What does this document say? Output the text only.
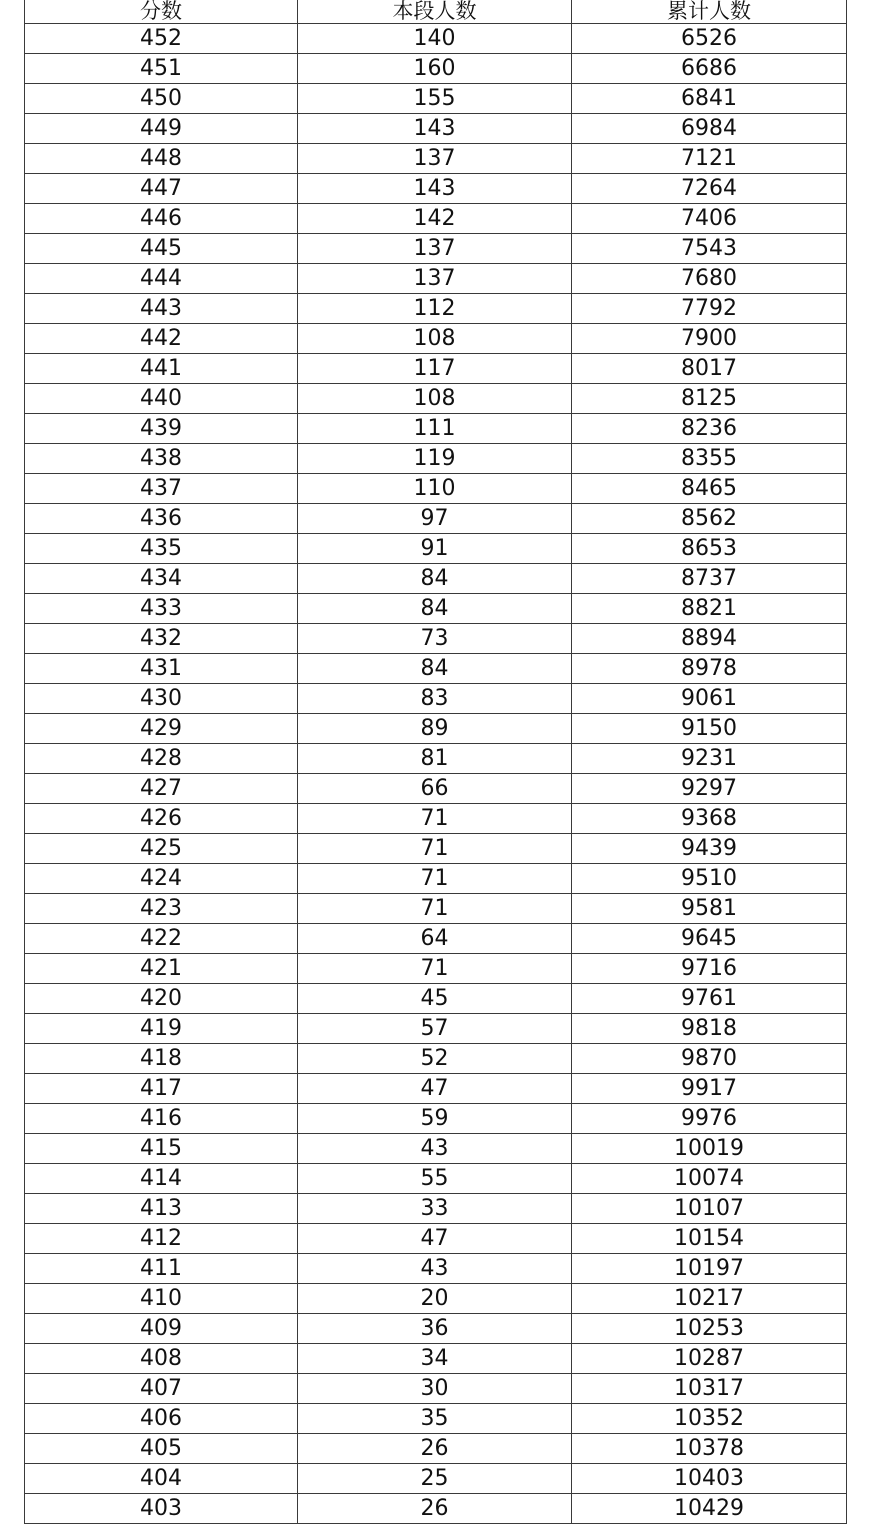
分数	本段人数	累计人数
452	140	6526
451	160	6686
450	155	6841
449	143	6984
448	137	7121
447	143	7264
446	142	7406
445	137	7543
444	137	7680
443	112	7792
442	108	7900
441	117	8017
440	108	8125
439	111	8236
438	119	8355
437	110	8465
436	97	8562
435	91	8653
434	84	8737
433	84	8821
432	73	8894
431	84	8978
430	83	9061
429	89	9150
428	81	9231
427	66	9297
426	71	9368
425	71	9439
424	71	9510
423	71	9581
422	64	9645
421	71	9716
420	45	9761
419	57	9818
418	52	9870
417	47	9917
416	59	9976
415	43	10019
414	55	10074
413	33	10107
412	47	10154
411	43	10197
410	20	10217
409	36	10253
408	34	10287
407	30	10317
406	35	10352
405	26	10378
404	25	10403
403	26	10429
